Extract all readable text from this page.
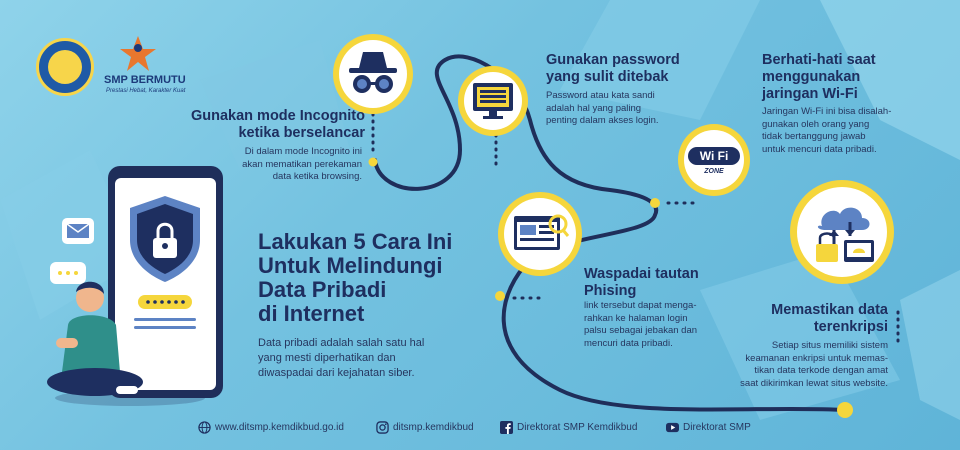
SMP BERMUTU
Prestasi Hebat, Karakter Kuat
Lakukan 5 Cara Ini
Untuk Melindungi
Data Pribadi
di Internet
Data pribadi adalah salah satu hal
yang mesti diperhatikan dan
diwaspadai dari kejahatan siber.
Gunakan mode Incognito
ketika berselancar
Di dalam mode Incognito ini
akan mematikan perekaman
data ketika browsing.
Gunakan password
yang sulit ditebak
Password atau kata sandi
adalah hal yang paling
penting dalam akses login.
Wi Fi
ZONE
Berhati-hati saat
menggunakan
jaringan Wi-Fi
Jaringan Wi-Fi ini bisa disalah-
gunakan oleh orang yang
tidak bertanggung jawab
untuk mencuri data pribadi.
Waspadai tautan
Phising
link tersebut dapat menga-
rahkan ke halaman login
palsu sebagai jebakan dan
mencuri data pribadi.
Memastikan data
terenkripsi
Setiap situs memiliki sistem
keamanan enkripsi untuk memas-
tikan data terkode dengan amat
saat dikirimkan lewat situs website.
www.ditsmp.kemdikbud.go.id	ditsmp.kemdikbud	Direktorat SMP Kemdikbud	Direktorat SMP
